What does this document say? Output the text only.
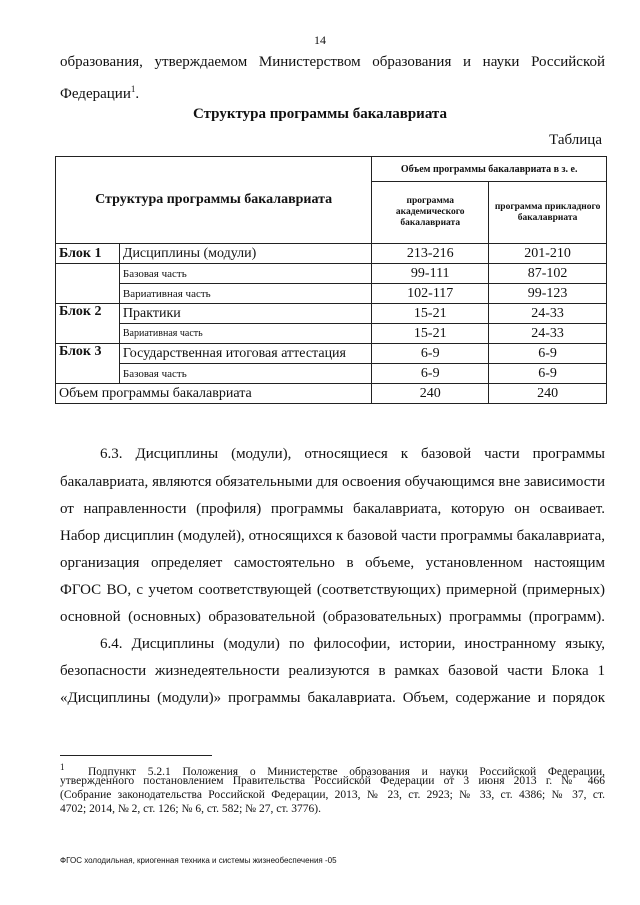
14
образования, утверждаемом Министерством образования и науки Российской
Федерации$^1$.
Структура программы бакалавриата
Таблица
Структура программы бакалавриата		Объем программы бакалавриата в з. е.	
		программа академического бакалавриата	программа прикладного бакалавриата
Блок 1	Дисциплины (модули)	213-216	201-210
	Базовая часть	99-111	87-102
	Вариативная часть	102-117	99-123
Блок 2	Практики	15-21	24-33
	Вариативная часть	15-21	24-33
Блок 3	Государственная итоговая аттестация	6-9	6-9
	Базовая часть	6-9	6-9
Объем программы бакалавриата		240	240
6.3. Дисциплины (модули), относящиеся к базовой части программы
бакалавриата, являются обязательными для освоения обучающимся вне зависимости
от направленности (профиля) программы бакалавриата, которую он осваивает.
Набор дисциплин (модулей), относящихся к базовой части программы бакалавриата,
организация определяет самостоятельно в объеме, установленном настоящим
ФГОС ВО, с учетом соответствующей (соответствующих) примерной (примерных)
основной (основных) образовательной (образовательных) программы (программ).
6.4. Дисциплины (модули) по философии, истории, иностранному языку,
безопасности жизнедеятельности реализуются в рамках базовой части Блока 1
«Дисциплины (модули)» программы бакалавриата. Объем, содержание и порядок
$^1$ Подпункт 5.2.1 Положения о Министерстве образования и науки Российской Федерации,
утвержденного постановлением Правительства Российской Федерации от 3 июня 2013 г. № 466
(Собрание законодательства Российской Федерации, 2013, № 23, ст. 2923; № 33, ст. 4386; № 37, ст.
4702; 2014, № 2, ст. 126; № 6, ст. 582; № 27, ст. 3776).
ФГОС холодильная, криогенная техника и системы жизнеобеспечения -05
